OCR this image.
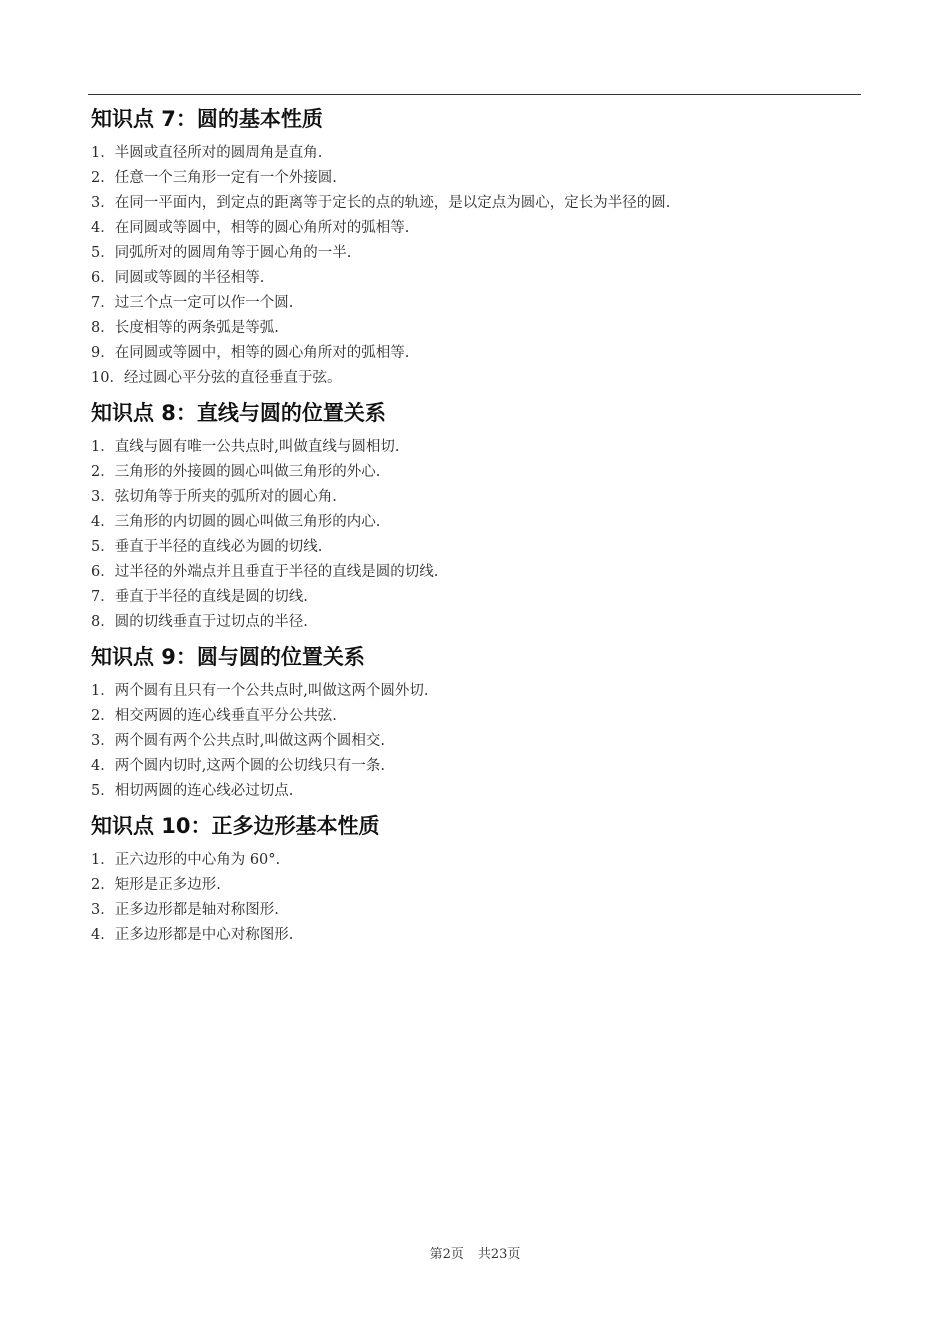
知识点 7：圆的基本性质
1．半圆或直径所对的圆周角是直角.
2．任意一个三角形一定有一个外接圆.
3．在同一平面内，到定点的距离等于定长的点的轨迹，是以定点为圆心，定长为半径的圆.
4．在同圆或等圆中，相等的圆心角所对的弧相等.
5．同弧所对的圆周角等于圆心角的一半.
6．同圆或等圆的半径相等.
7．过三个点一定可以作一个圆.
8．长度相等的两条弧是等弧.
9．在同圆或等圆中，相等的圆心角所对的弧相等.
10．经过圆心平分弦的直径垂直于弦。
知识点 8：直线与圆的位置关系
1．直线与圆有唯一公共点时,叫做直线与圆相切.
2．三角形的外接圆的圆心叫做三角形的外心.
3．弦切角等于所夹的弧所对的圆心角.
4．三角形的内切圆的圆心叫做三角形的内心.
5．垂直于半径的直线必为圆的切线.
6．过半径的外端点并且垂直于半径的直线是圆的切线.
7．垂直于半径的直线是圆的切线.
8．圆的切线垂直于过切点的半径.
知识点 9：圆与圆的位置关系
1．两个圆有且只有一个公共点时,叫做这两个圆外切.
2．相交两圆的连心线垂直平分公共弦.
3．两个圆有两个公共点时,叫做这两个圆相交.
4．两个圆内切时,这两个圆的公切线只有一条.
5．相切两圆的连心线必过切点.
知识点 10：正多边形基本性质
1．正六边形的中心角为 60°.
2．矩形是正多边形.
3．正多边形都是轴对称图形.
4．正多边形都是中心对称图形.
第2页 共23页
